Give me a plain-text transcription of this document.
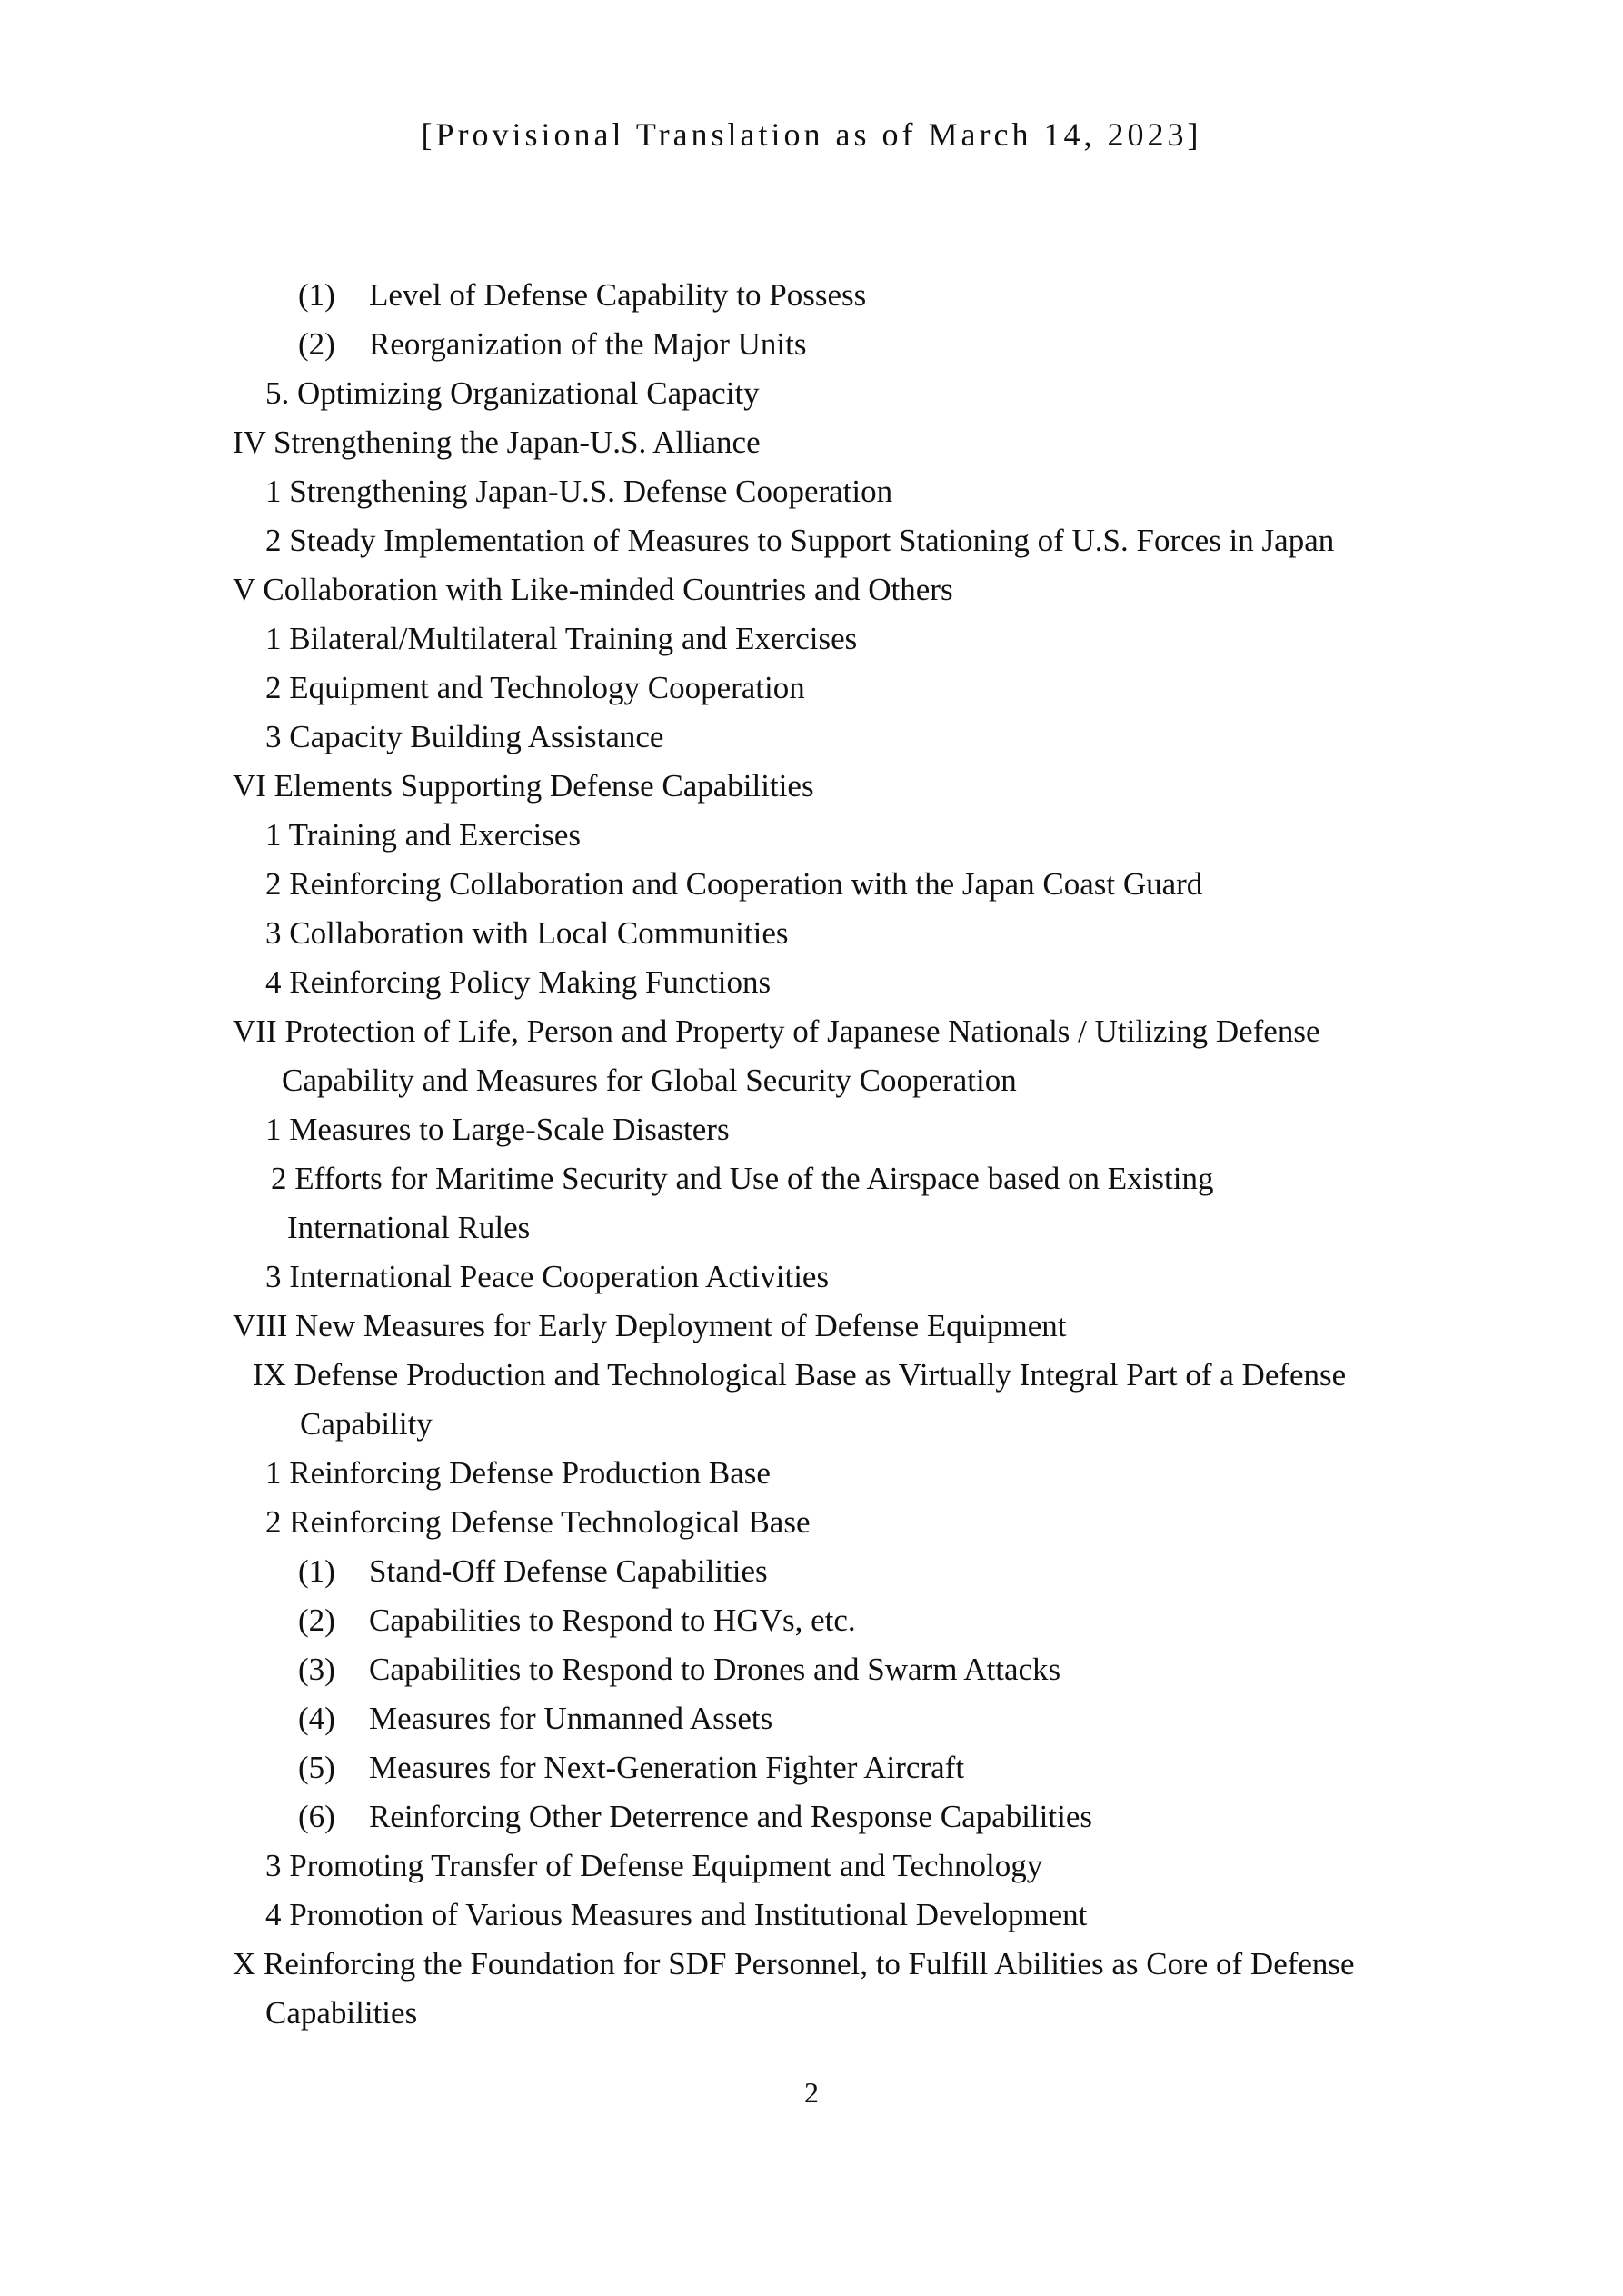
[Provisional Translation as of March 14, 2023]
(1) Level of Defense Capability to Possess
(2) Reorganization of the Major Units
5. Optimizing Organizational Capacity
IV Strengthening the Japan-U.S. Alliance
1 Strengthening Japan-U.S. Defense Cooperation
2 Steady Implementation of Measures to Support Stationing of U.S. Forces in Japan
V Collaboration with Like-minded Countries and Others
1 Bilateral/Multilateral Training and Exercises
2 Equipment and Technology Cooperation
3 Capacity Building Assistance
VI Elements Supporting Defense Capabilities
1 Training and Exercises
2 Reinforcing Collaboration and Cooperation with the Japan Coast Guard
3 Collaboration with Local Communities
4 Reinforcing Policy Making Functions
VII Protection of Life, Person and Property of Japanese Nationals / Utilizing Defense
Capability and Measures for Global Security Cooperation
1 Measures to Large-Scale Disasters
2 Efforts for Maritime Security and Use of the Airspace based on Existing
International Rules
3 International Peace Cooperation Activities
VIII New Measures for Early Deployment of Defense Equipment
IX Defense Production and Technological Base as Virtually Integral Part of a Defense
Capability
1 Reinforcing Defense Production Base
2 Reinforcing Defense Technological Base
(1) Stand-Off Defense Capabilities
(2) Capabilities to Respond to HGVs, etc.
(3) Capabilities to Respond to Drones and Swarm Attacks
(4) Measures for Unmanned Assets
(5) Measures for Next-Generation Fighter Aircraft
(6) Reinforcing Other Deterrence and Response Capabilities
3 Promoting Transfer of Defense Equipment and Technology
4 Promotion of Various Measures and Institutional Development
X Reinforcing the Foundation for SDF Personnel, to Fulfill Abilities as Core of Defense
Capabilities
2
